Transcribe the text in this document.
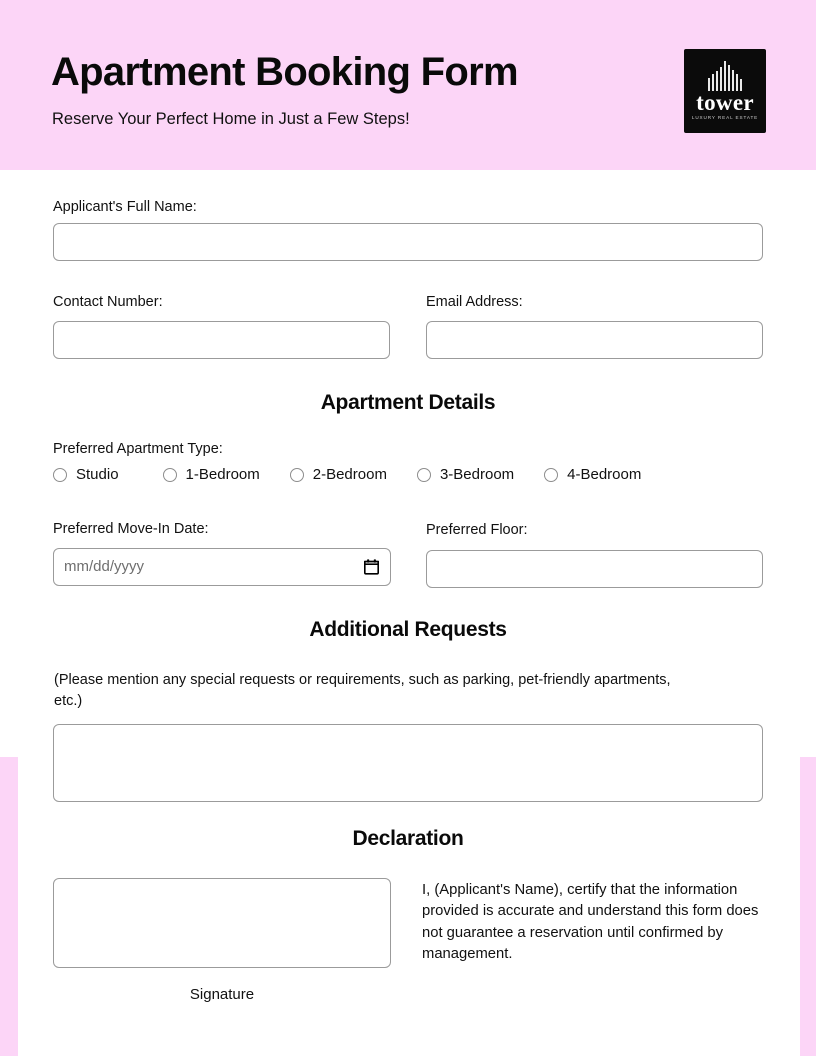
Apartment Booking Form

Reserve Your Perfect Home in Just a Few Steps!

tower
LUXURY REAL ESTATE
Applicant's Full Name:
Contact Number:	Email Address:
Apartment Details
Preferred Apartment Type:
Studio	1-Bedroom	2-Bedroom	3-Bedroom	4-Bedroom
Preferred Move-In Date:
mm/dd/yyyy
Preferred Floor:
Additional Requests
(Please mention any special requests or requirements, such as parking, pet-friendly apartments, etc.)
Declaration
Signature
I, (Applicant's Name), certify that the information provided is accurate and understand this form does not guarantee a reservation until confirmed by management.
